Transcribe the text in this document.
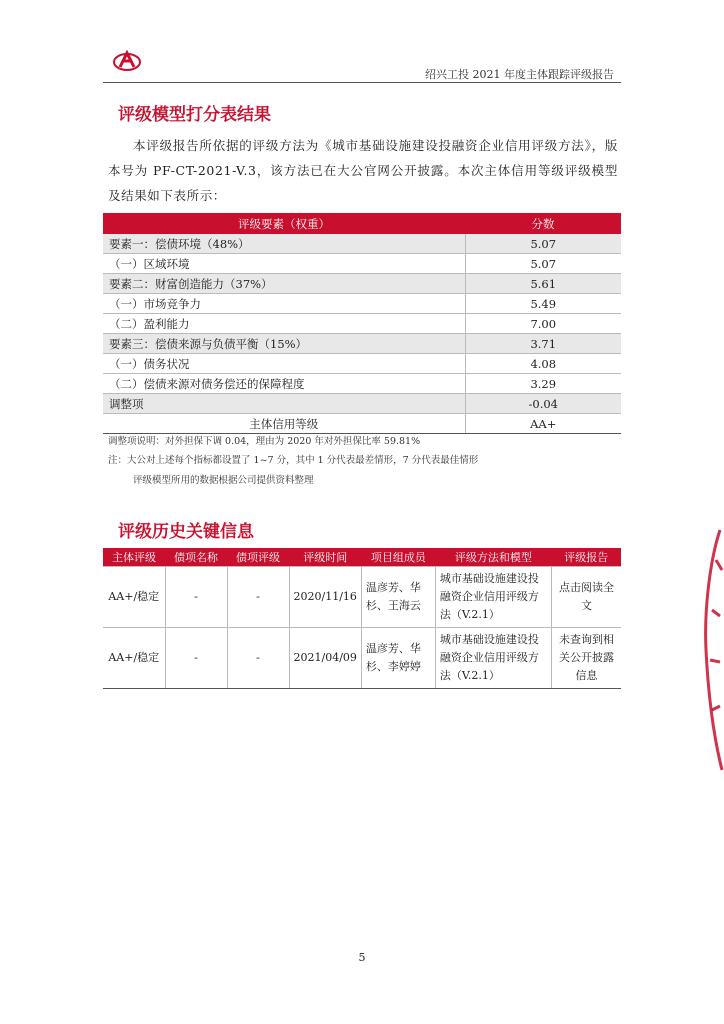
绍兴工投 2021 年度主体跟踪评级报告
评级模型打分表结果

本评级报告所依据的评级方法为《城市基础设施建设投融资企业信用评级方法》，版本号为 PF-CT-2021-V.3，该方法已在大公官网公开披露。本次主体信用等级评级模型及结果如下表所示：

评级要素（权重）	分数
要素一：偿债环境（48%）	5.07
（一）区域环境	5.07
要素二：财富创造能力（37%）	5.61
（一）市场竞争力	5.49
（二）盈利能力	7.00
要素三：偿债来源与负债平衡（15%）	3.71
（一）债务状况	4.08
（二）偿债来源对债务偿还的保障程度	3.29
调整项	-0.04
主体信用等级	AA+
调整项说明：对外担保下调 0.04，理由为 2020 年对外担保比率 59.81%
注：大公对上述每个指标都设置了 1~7 分，其中 1 分代表最差情形，7 分代表最佳情形
评级模型所用的数据根据公司提供资料整理
评级历史关键信息
主体评级	债项名称	债项评级	评级时间	项目组成员	评级方法和模型	评级报告
AA+/稳定	-	-	2020/11/16	温彦芳、华杉、王海云	城市基础设施建设投融资企业信用评级方法（V.2.1）	点击阅读全文
AA+/稳定	-	-	2021/04/09	温彦芳、华杉、李婷婷	城市基础设施建设投融资企业信用评级方法（V.2.1）	未查询到相关公开披露信息
5
